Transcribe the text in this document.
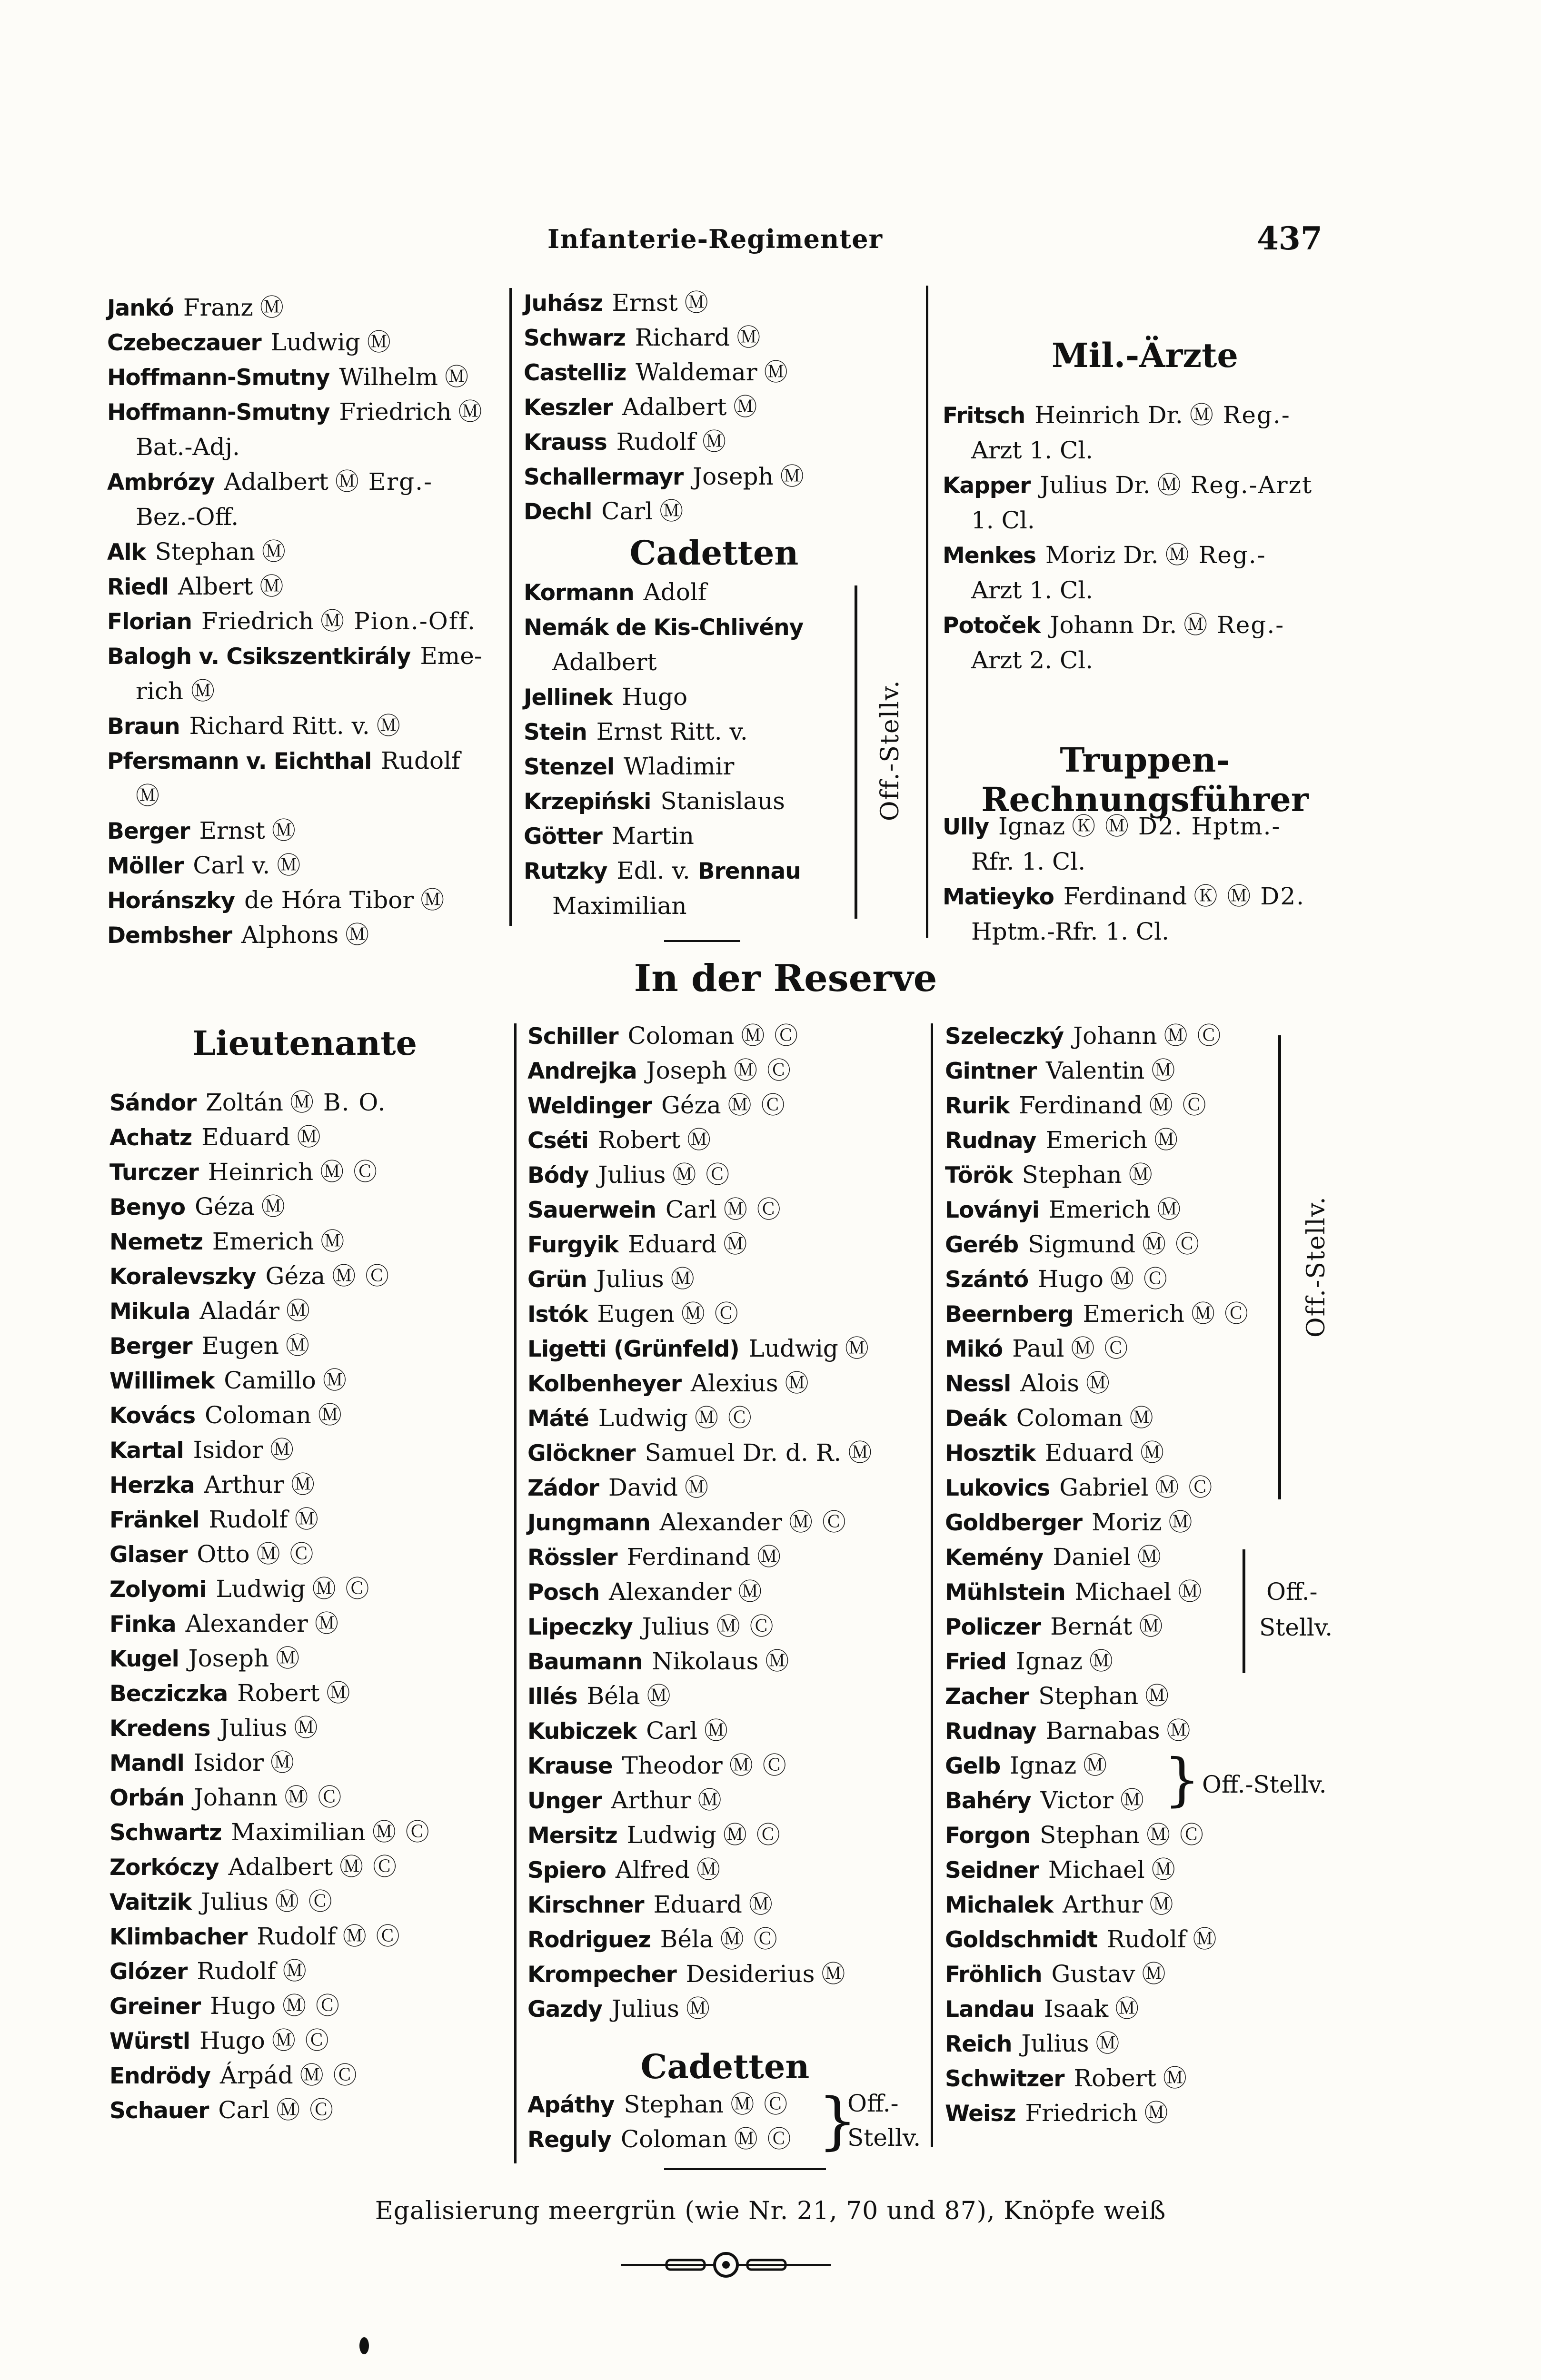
Infanterie-Regimenter	437
Jankó Franz Ⓜ
Czebeczauer Ludwig Ⓜ
Hoffmann-Smutny Wilhelm Ⓜ
Hoffmann-Smutny Friedrich Ⓜ
Bat.-Adj.
Ambrózy Adalbert Ⓜ Erg.-
Bez.-Off.
Alk Stephan Ⓜ
Riedl Albert Ⓜ
Florian Friedrich Ⓜ Pion.-Off.
Balogh v. Csikszentkirály Eme-
rich Ⓜ
Braun Richard Ritt. v. Ⓜ
Pfersmann v. Eichthal Rudolf
Ⓜ
Berger Ernst Ⓜ
Möller Carl v. Ⓜ
Horánszky de Hóra Tibor Ⓜ
Dembsher Alphons Ⓜ
Juhász Ernst Ⓜ
Schwarz Richard Ⓜ
Castelliz Waldemar Ⓜ
Keszler Adalbert Ⓜ
Krauss Rudolf Ⓜ
Schallermayr Joseph Ⓜ
Dechl Carl Ⓜ
Cadetten
Kormann Adolf
Nemák de Kis-Chlivény
Adalbert
Jellinek Hugo
Stein Ernst Ritt. v.
Stenzel Wladimir
Krzepiński Stanislaus
Götter Martin
Rutzky Edl. v. Brennau
Maximilian
Off.-Stellv.
Mil.-Ärzte
Fritsch Heinrich Dr. Ⓜ Reg.-
Arzt 1. Cl.
Kapper Julius Dr. Ⓜ Reg.-Arzt
1. Cl.
Menkes Moriz Dr. Ⓜ Reg.-
Arzt 1. Cl.
Potoček Johann Dr. Ⓜ Reg.-
Arzt 2. Cl.
Truppen-Rechnungsführer
Ully Ignaz Ⓚ Ⓜ D2. Hptm.-
Rfr. 1. Cl.
Matieyko Ferdinand Ⓚ Ⓜ D2.
Hptm.-Rfr. 1. Cl.
In der Reserve
Lieutenante
Sándor Zoltán Ⓜ B. O.
Achatz Eduard Ⓜ
Turczer Heinrich Ⓜ Ⓒ
Benyo Géza Ⓜ
Nemetz Emerich Ⓜ
Koralevszky Géza Ⓜ Ⓒ
Mikula Aladár Ⓜ
Berger Eugen Ⓜ
Willimek Camillo Ⓜ
Kovács Coloman Ⓜ
Kartal Isidor Ⓜ
Herzka Arthur Ⓜ
Fränkel Rudolf Ⓜ
Glaser Otto Ⓜ Ⓒ
Zolyomi Ludwig Ⓜ Ⓒ
Finka Alexander Ⓜ
Kugel Joseph Ⓜ
Becziczka Robert Ⓜ
Kredens Julius Ⓜ
Mandl Isidor Ⓜ
Orbán Johann Ⓜ Ⓒ
Schwartz Maximilian Ⓜ Ⓒ
Zorkóczy Adalbert Ⓜ Ⓒ
Vaitzik Julius Ⓜ Ⓒ
Klimbacher Rudolf Ⓜ Ⓒ
Glózer Rudolf Ⓜ
Greiner Hugo Ⓜ Ⓒ
Würstl Hugo Ⓜ Ⓒ
Endrödy Árpád Ⓜ Ⓒ
Schauer Carl Ⓜ Ⓒ
Schiller Coloman Ⓜ Ⓒ
Andrejka Joseph Ⓜ Ⓒ
Weldinger Géza Ⓜ Ⓒ
Cséti Robert Ⓜ
Bódy Julius Ⓜ Ⓒ
Sauerwein Carl Ⓜ Ⓒ
Furgyik Eduard Ⓜ
Grün Julius Ⓜ
Istók Eugen Ⓜ Ⓒ
Ligetti (Grünfeld) Ludwig Ⓜ
Kolbenheyer Alexius Ⓜ
Máté Ludwig Ⓜ Ⓒ
Glöckner Samuel Dr. d. R. Ⓜ
Zádor David Ⓜ
Jungmann Alexander Ⓜ Ⓒ
Rössler Ferdinand Ⓜ
Posch Alexander Ⓜ
Lipeczky Julius Ⓜ Ⓒ
Baumann Nikolaus Ⓜ
Illés Béla Ⓜ
Kubiczek Carl Ⓜ
Krause Theodor Ⓜ Ⓒ
Unger Arthur Ⓜ
Mersitz Ludwig Ⓜ Ⓒ
Spiero Alfred Ⓜ
Kirschner Eduard Ⓜ
Rodriguez Béla Ⓜ Ⓒ
Krompecher Desiderius Ⓜ
Gazdy Julius Ⓜ
Cadetten
Apáthy Stephan Ⓜ Ⓒ
Reguly Coloman Ⓜ Ⓒ }
Off.-
Stellv.
Szeleczký Johann Ⓜ Ⓒ
Gintner Valentin Ⓜ
Rurik Ferdinand Ⓜ Ⓒ
Rudnay Emerich Ⓜ
Török Stephan Ⓜ
Loványi Emerich Ⓜ
Geréb Sigmund Ⓜ Ⓒ
Szántó Hugo Ⓜ Ⓒ
Beernberg Emerich Ⓜ Ⓒ
Mikó Paul Ⓜ Ⓒ
Nessl Alois Ⓜ
Deák Coloman Ⓜ
Hosztik Eduard Ⓜ
Lukovics Gabriel Ⓜ Ⓒ
Goldberger Moriz Ⓜ
Kemény Daniel Ⓜ
Mühlstein Michael Ⓜ
Policzer Bernát Ⓜ
Fried Ignaz Ⓜ
Zacher Stephan Ⓜ
Rudnay Barnabas Ⓜ
Gelb Ignaz Ⓜ
Bahéry Victor Ⓜ
Forgon Stephan Ⓜ Ⓒ
Seidner Michael Ⓜ
Michalek Arthur Ⓜ
Goldschmidt Rudolf Ⓜ
Fröhlich Gustav Ⓜ
Landau Isaak Ⓜ
Reich Julius Ⓜ
Schwitzer Robert Ⓜ
Weisz Friedrich Ⓜ
Off.-Stellv.
Off.-
Stellv.
} Off.-Stellv.
Egalisierung meergrün (wie Nr. 21, 70 und 87), Knöpfe weiß
